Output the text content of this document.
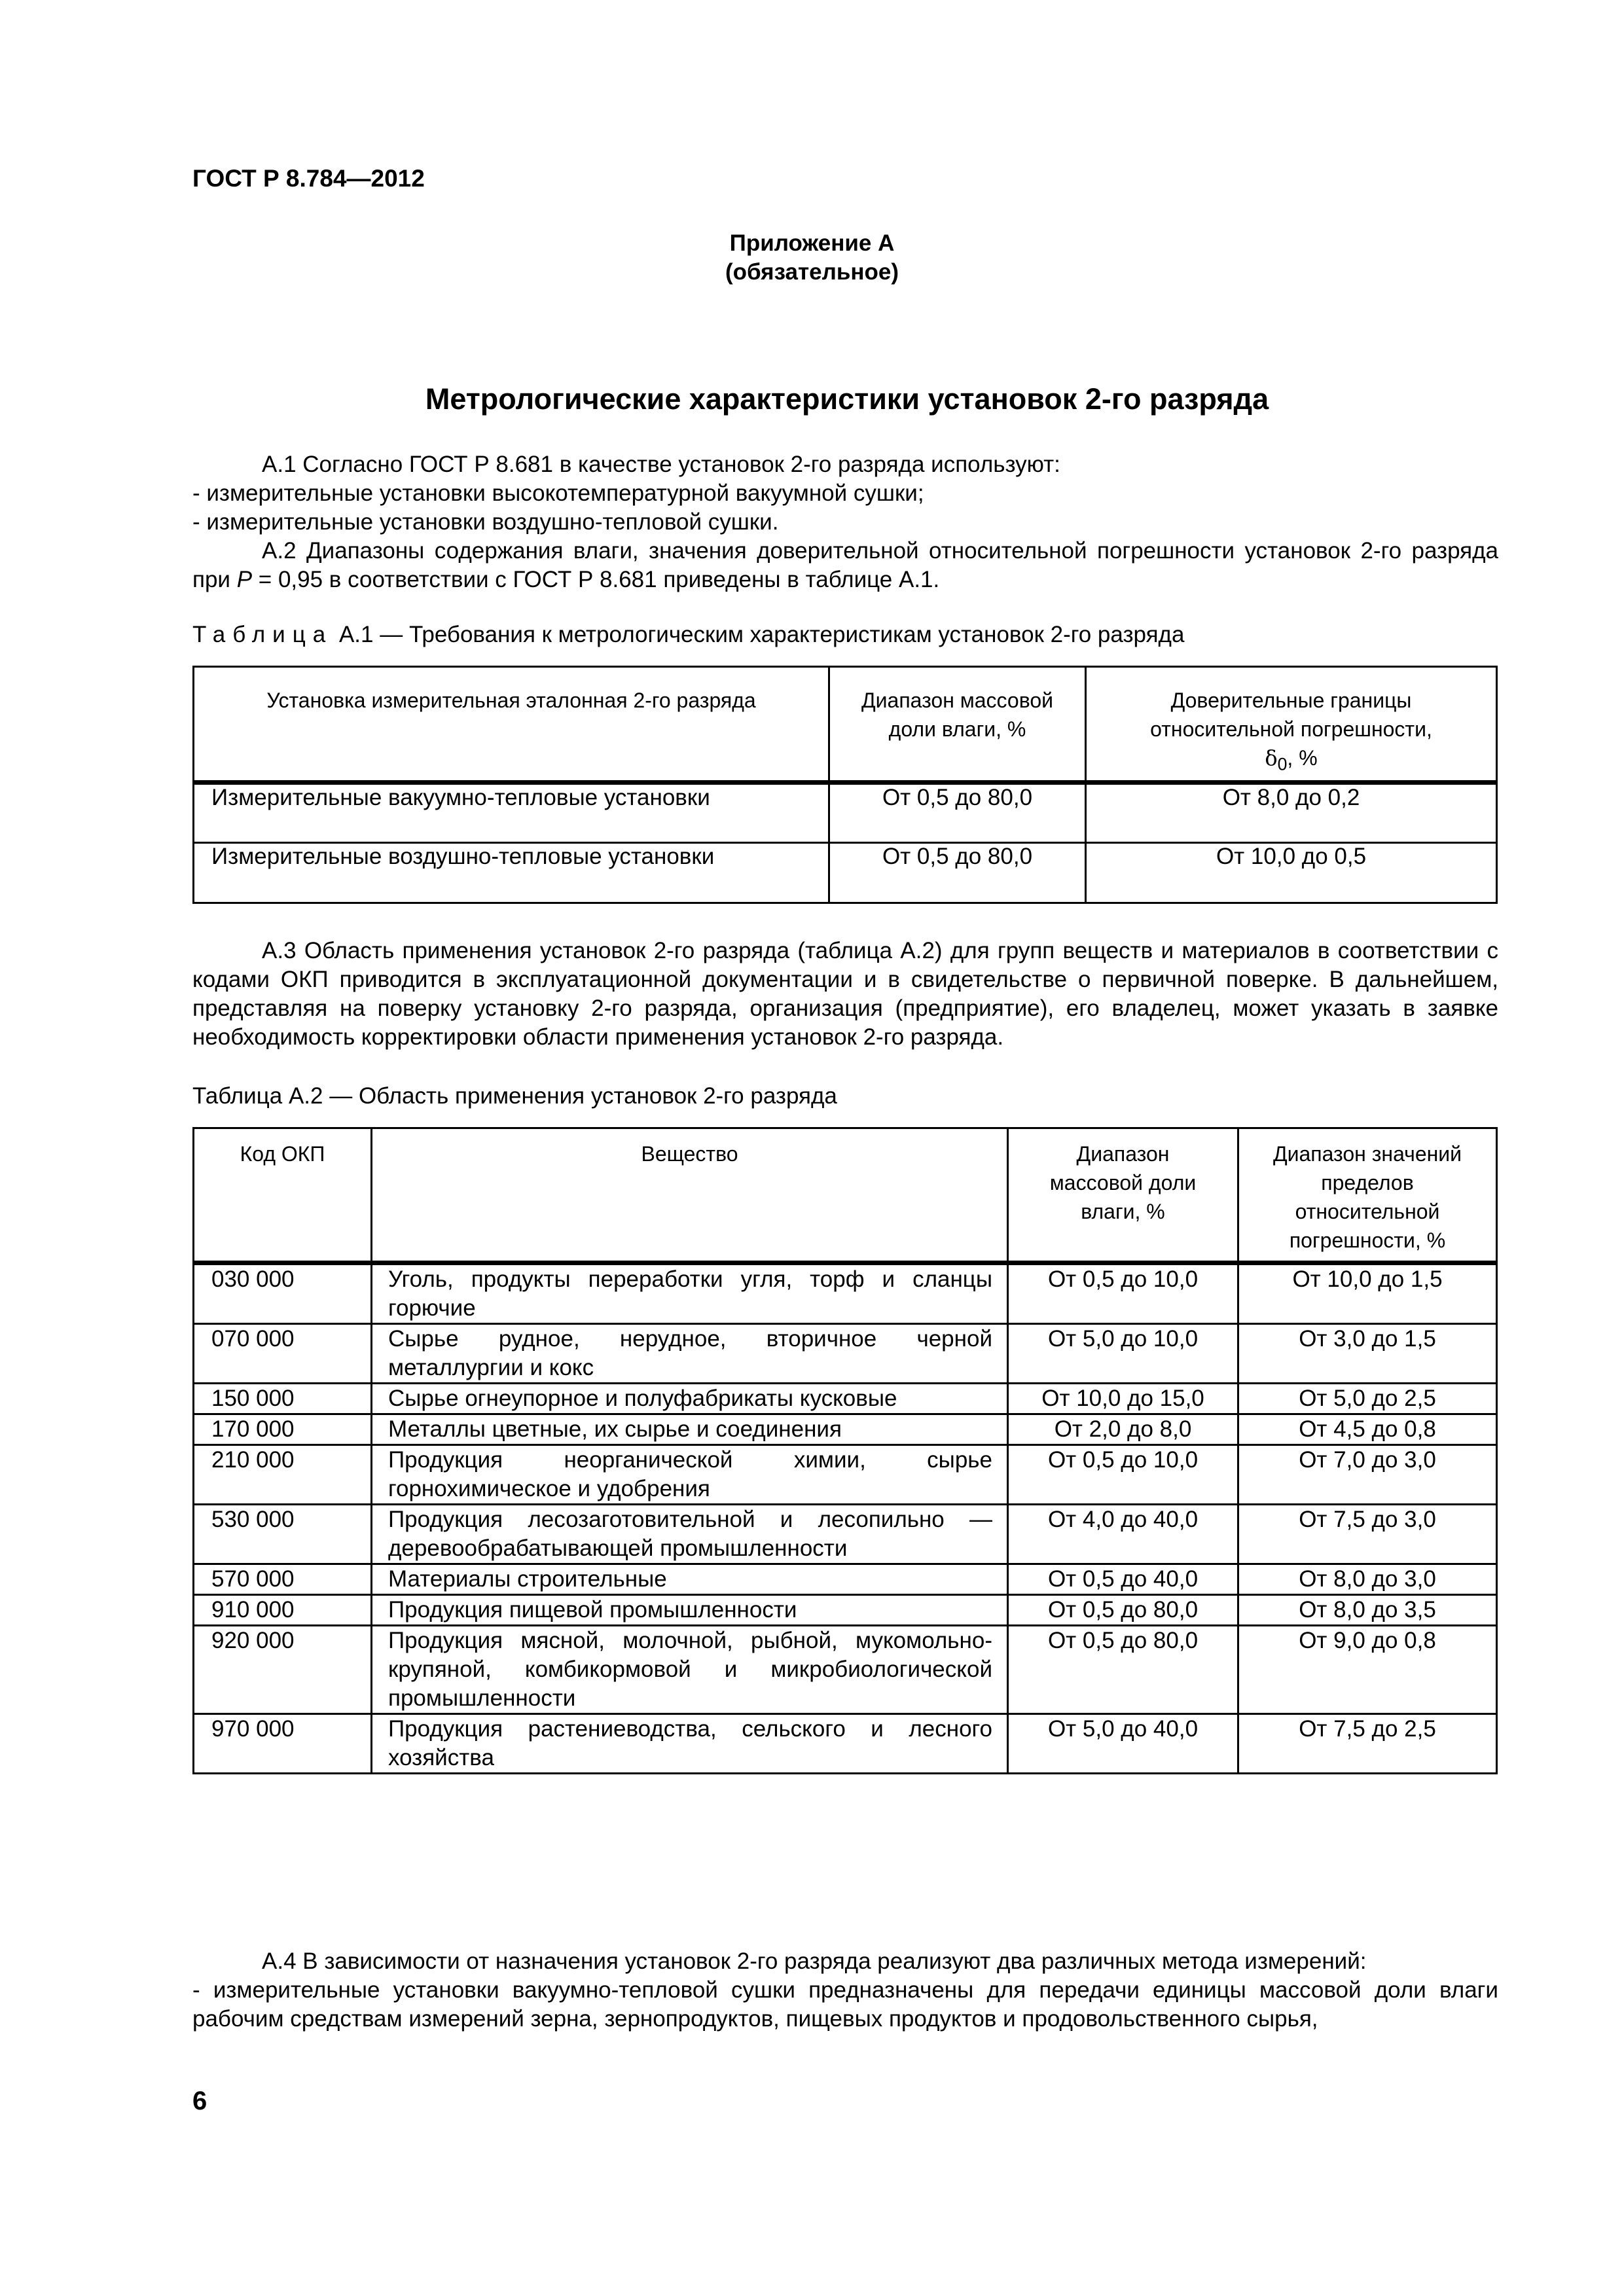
ГОСТ Р 8.784—2012
Приложение А
(обязательное)
Метрологические характеристики установок 2-го разряда

А.1 Согласно ГОСТ Р 8.681 в качестве установок 2-го разряда используют:

- измерительные установки высокотемпературной вакуумной сушки;

- измерительные установки воздушно-тепловой сушки.

А.2 Диапазоны содержания влаги, значения доверительной относительной погрешности установок 2-го разряда при P = 0,95 в соответствии с ГОСТ Р 8.681 приведены в таблице А.1.

Таблица А.1 — Требования к метрологическим характеристикам установок 2-го разряда
Установка измерительная эталонная 2-го разряда	Диапазон массовой доли влаги, %	Доверительные границы относительной погрешности,
$\delta_0$, %
Измерительные вакуумно-тепловые установки	От 0,5 до 80,0	От 8,0 до 0,2
Измерительные воздушно-тепловые установки	От 0,5 до 80,0	От 10,0 до 0,5

А.3 Область применения установок 2-го разряда (таблица А.2) для групп веществ и материалов в соответствии с кодами ОКП приводится в эксплуатационной документации и в свидетельстве о первичной поверке. В дальнейшем, представляя на поверку установку 2-го разряда, организация (предприятие), его владелец, может указать в заявке необходимость корректировки области применения установок 2-го разряда.

Таблица А.2 — Область применения установок 2-го разряда
Код ОКП	Вещество	Диапазон массовой доли влаги, %	Диапазон значений пределов относительной погрешности, %
030 000	Уголь, продукты переработки угля, торф и сланцы горючие	От 0,5 до 10,0	От 10,0 до 1,5
070 000	Сырье рудное, нерудное, вторичное черной металлургии и кокс	От 5,0 до 10,0	От 3,0 до 1,5
150 000	Сырье огнеупорное и полуфабрикаты кусковые	От 10,0 до 15,0	От 5,0 до 2,5
170 000	Металлы цветные, их сырье и соединения	От 2,0 до 8,0	От 4,5 до 0,8
210 000	Продукция неорганической химии, сырье горнохимическое и удобрения	От 0,5 до 10,0	От 7,0 до 3,0
530 000	Продукция лесозаготовительной и лесопильно — деревообрабатывающей промышленности	От 4,0 до 40,0	От 7,5 до 3,0
570 000	Материалы строительные	От 0,5 до 40,0	От 8,0 до 3,0
910 000	Продукция пищевой промышленности	От 0,5 до 80,0	От 8,0 до 3,5
920 000	Продукция мясной, молочной, рыбной, мукомольно-крупяной, комбикормовой и микробиологической промышленности	От 0,5 до 80,0	От 9,0 до 0,8
970 000	Продукция растениеводства, сельского и лесного хозяйства	От 5,0 до 40,0	От 7,5 до 2,5

А.4 В зависимости от назначения установок 2-го разряда реализуют два различных метода измерений:

- измерительные установки вакуумно-тепловой сушки предназначены для передачи единицы массовой доли влаги рабочим средствам измерений зерна, зернопродуктов, пищевых продуктов и продовольственного сырья,

6
